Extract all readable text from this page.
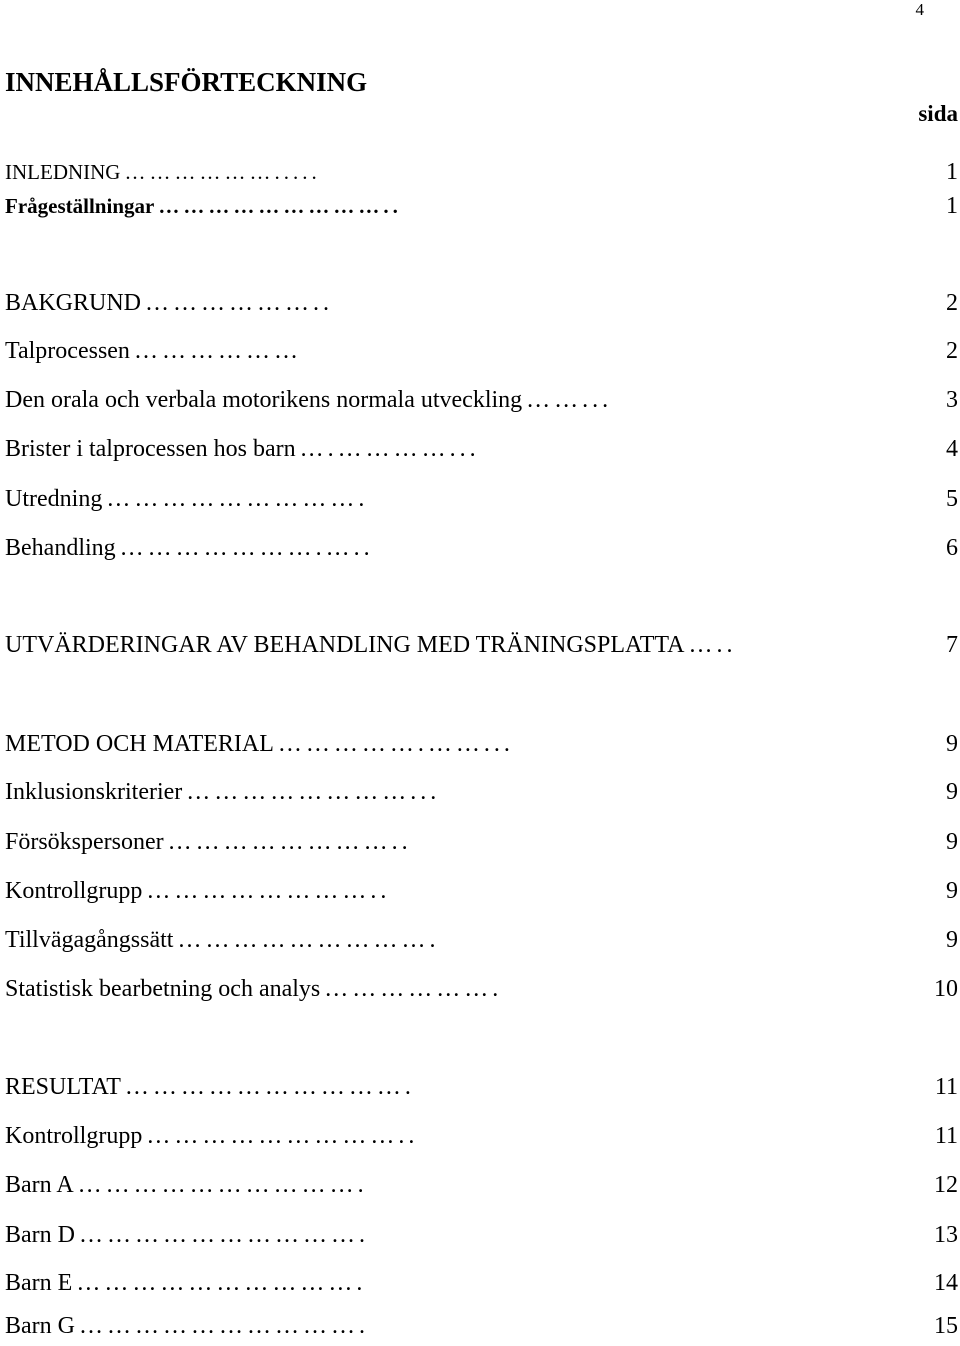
4
INNEHÅLLSFÖRTECKNING
sida
INLEDNING ……………….....	1
Frågeställningar ………………………..	1
BAKGRUND ………………..	2
Talprocessen ………………	2
Den orala och verbala motorikens normala utveckling ……...	3
Brister i talprocessen hos barn ….…………...	4
Utredning ……………………….	5
Behandling ………………….…..	6
UTVÄRDERINGAR AV BEHANDLING MED TRÄNINGSPLATTA …..	7
METOD OCH MATERIAL …………….……...	9
Inklusionskriterier ……………………...	9
Försökspersoner ……………………..	9
Kontrollgrupp ……………………..	9
Tillvägagångssätt ……………………….	9
Statistisk bearbetning och analys ……………….	10
RESULTAT ………………………….	11
Kontrollgrupp ………………………..	11
Barn A ………………………….	12
Barn D ………………………….	13
Barn E ………………………….	14
Barn G ………………………….	15
